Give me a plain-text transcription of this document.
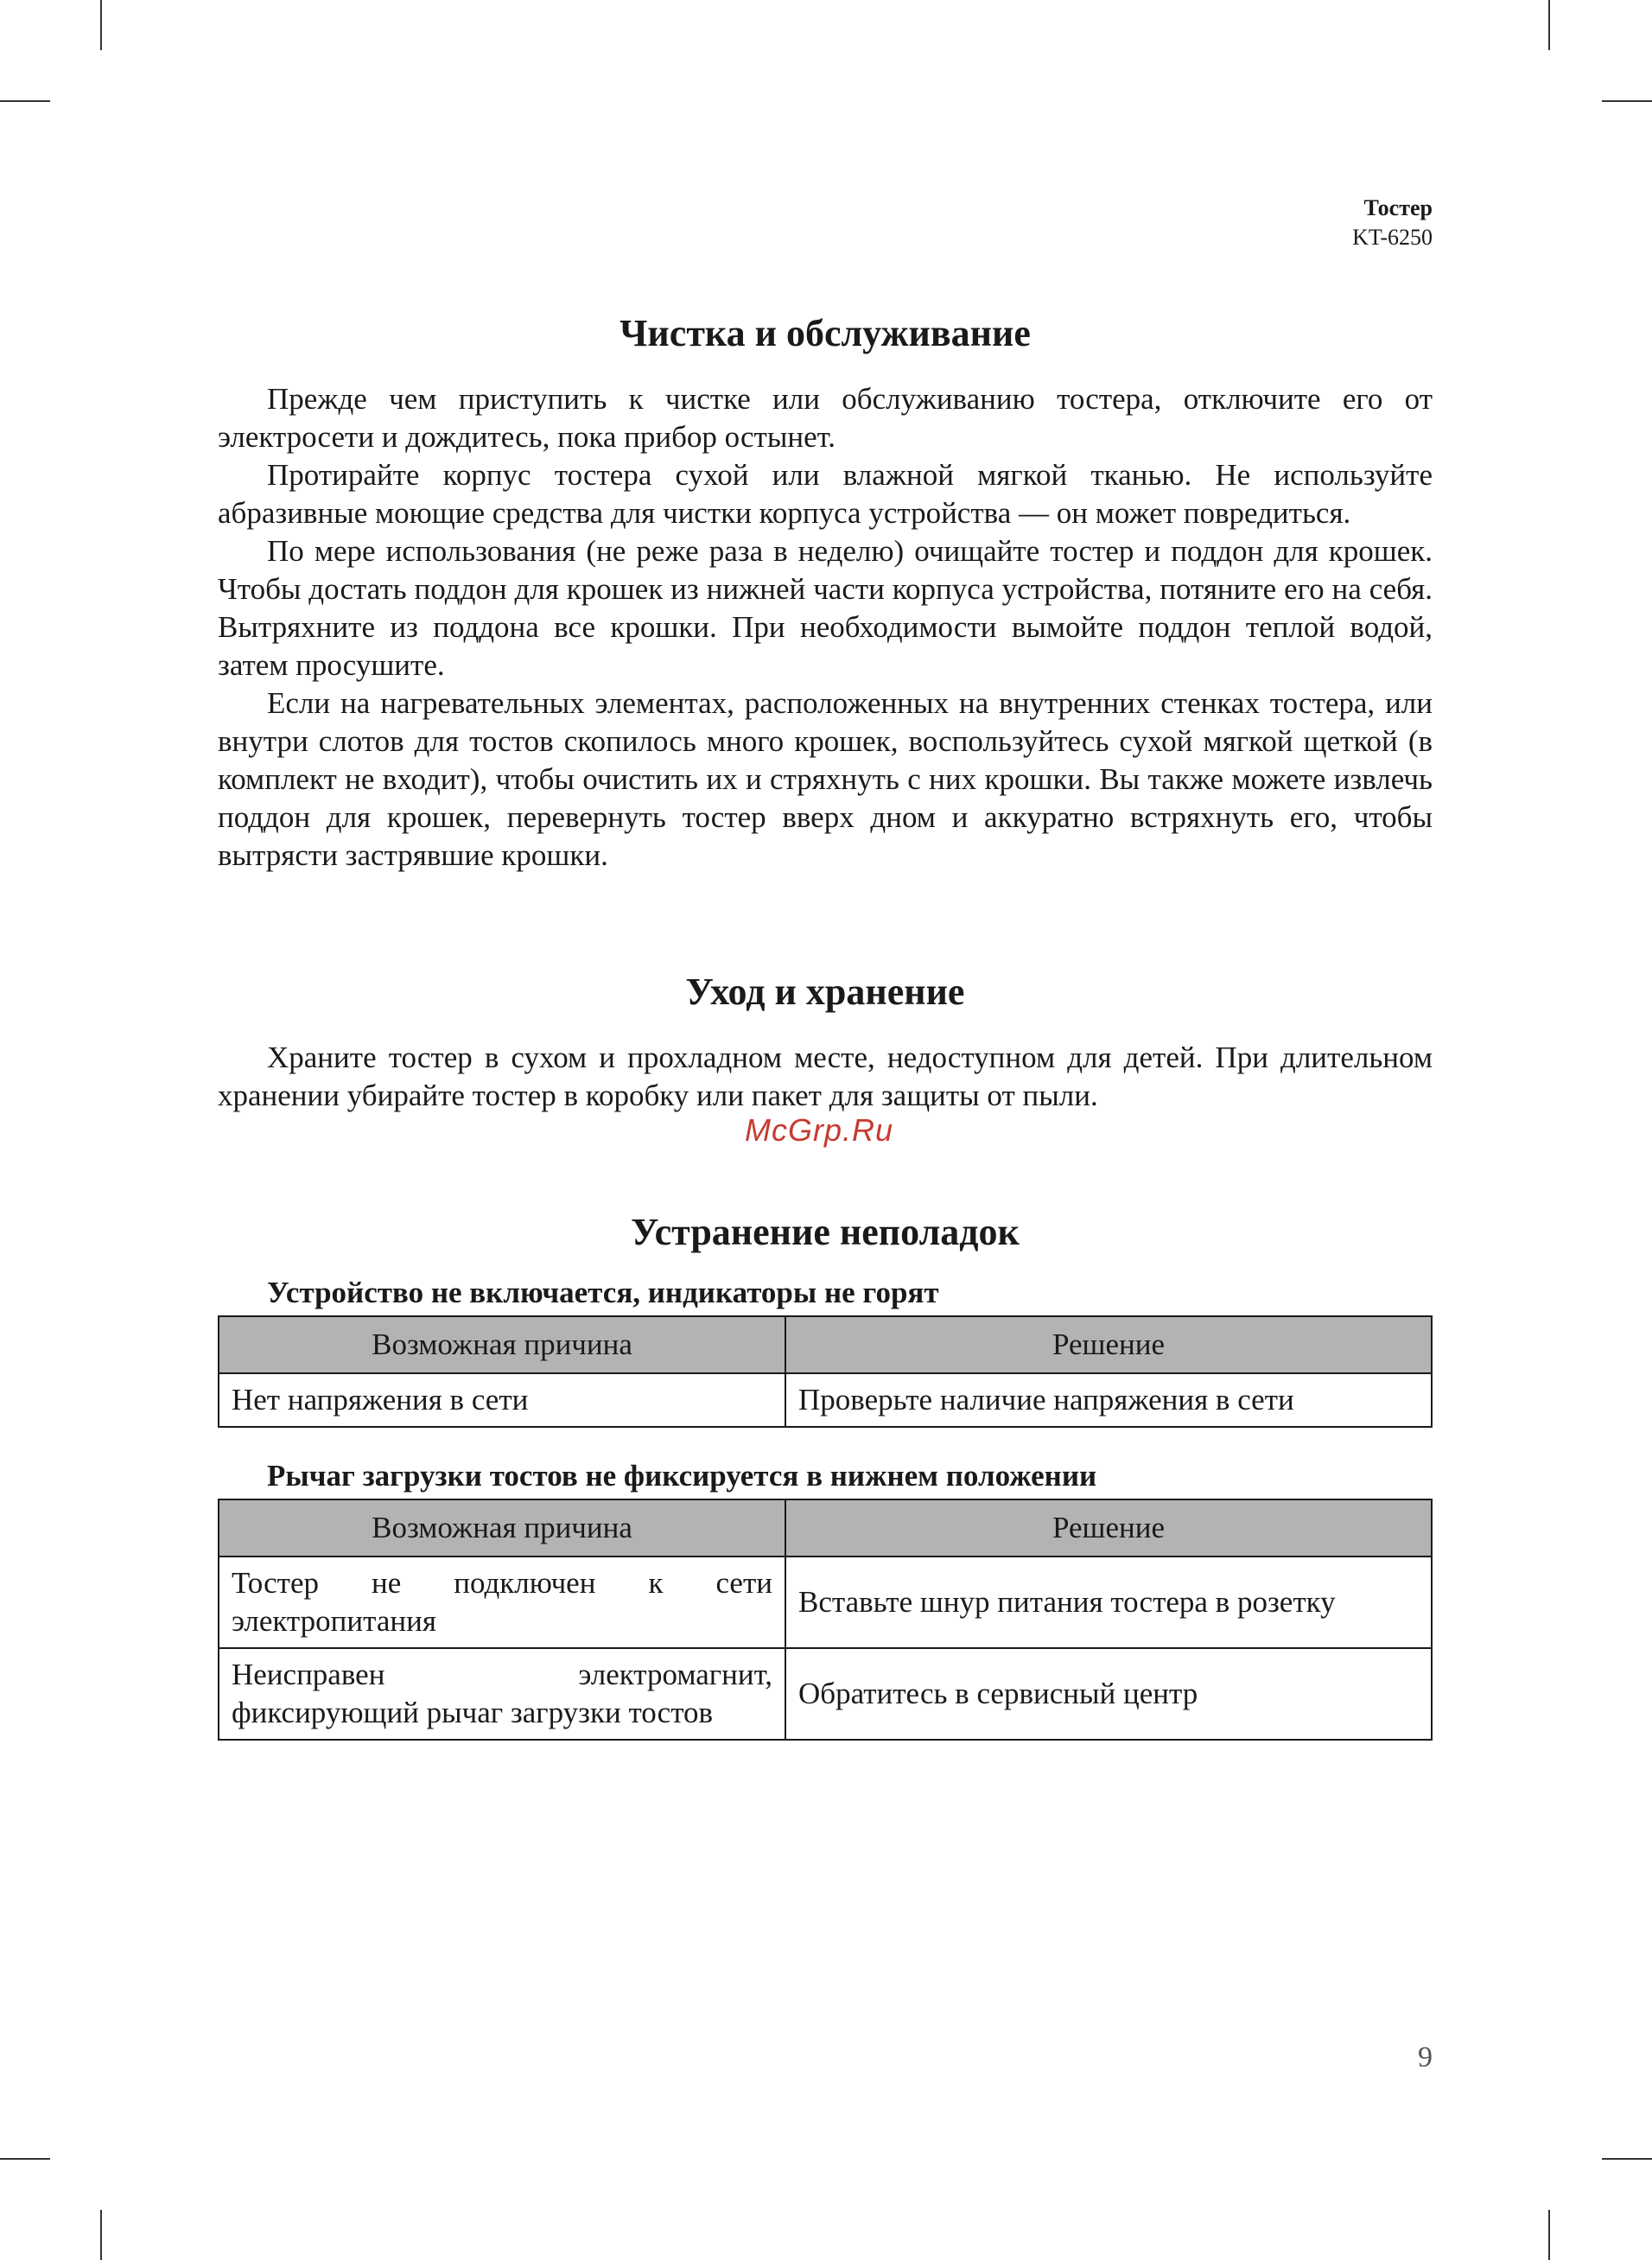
Тостер
KT-6250
Чистка и обслуживание

Прежде чем приступить к чистке или обслуживанию тостера, отключите его от электросети и дождитесь, пока прибор остынет.

Протирайте корпус тостера сухой или влажной мягкой тканью. Не используйте абразивные моющие средства для чистки корпуса устройства — он может повредиться.

По мере использования (не реже раза в неделю) очищайте тостер и поддон для крошек. Чтобы достать поддон для крошек из нижней части корпуса устройства, потяните его на себя. Вытряхните из поддона все крошки. При необходимости вымойте поддон теплой водой, затем просушите.

Если на нагревательных элементах, расположенных на внутренних стенках тостера, или внутри слотов для тостов скопилось много крошек, воспользуйтесь сухой мягкой щеткой (в комплект не входит), чтобы очистить их и стряхнуть с них крошки. Вы также можете извлечь поддон для крошек, перевернуть тостер вверх дном и аккуратно встряхнуть его, чтобы вытрясти застрявшие крошки.

Уход и хранение

Храните тостер в сухом и прохладном месте, недоступном для детей. При длительном хранении убирайте тостер в коробку или пакет для защиты от пыли.

Устранение неполадок

Устройство не включается, индикаторы не горят

Возможная причина	Решение
Нет напряжения в сети	Проверьте наличие напряжения в сети

Рычаг загрузки тостов не фиксируется в нижнем положении

Возможная причина	Решение
Тостер не подключен к сети электропитания	Вставьте шнур питания тостера в розетку
Неисправен электромагнит, фиксирующий рычаг загрузки тостов	Обратитесь в сервисный центр
McGrp.Ru
9
